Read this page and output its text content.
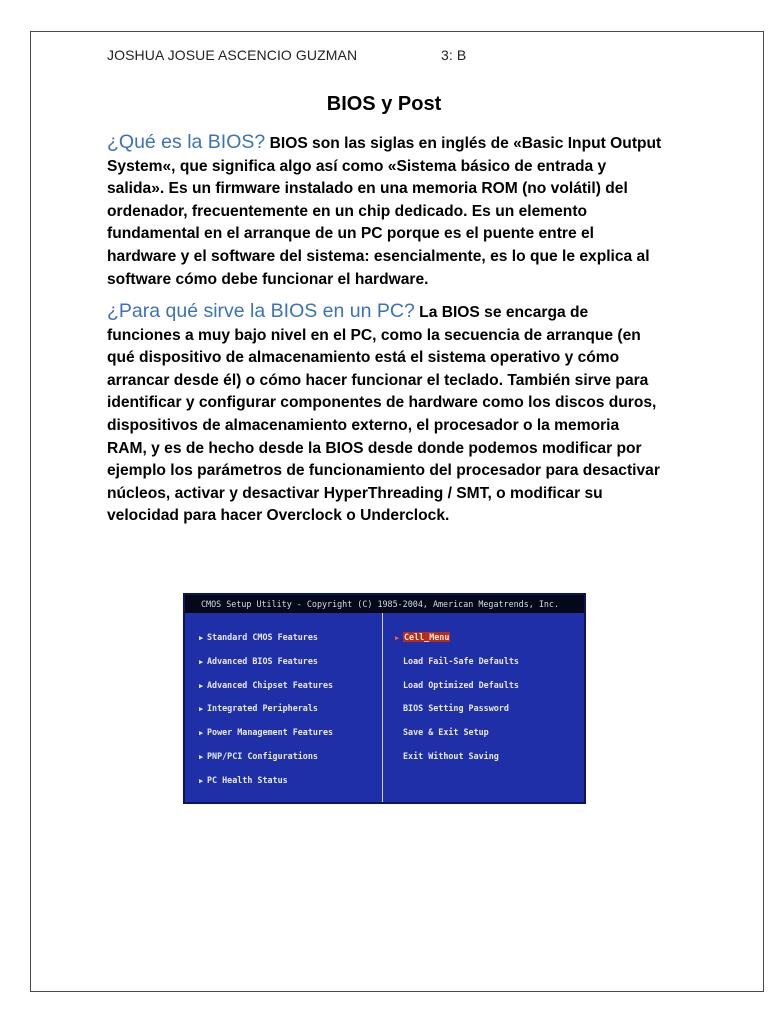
JOSHUA JOSUE ASCENCIO GUZMAN	3: B
BIOS y Post

¿Qué es la BIOS? BIOS son las siglas en inglés de «Basic Input Output System«, que significa algo así como «Sistema básico de entrada y salida». Es un firmware instalado en una memoria ROM (no volátil) del ordenador, frecuentemente en un chip dedicado. Es un elemento fundamental en el arranque de un PC porque es el puente entre el hardware y el software del sistema: esencialmente, es lo que le explica al software cómo debe funcionar el hardware.

¿Para qué sirve la BIOS en un PC? La BIOS se encarga de funciones a muy bajo nivel en el PC, como la secuencia de arranque (en qué dispositivo de almacenamiento está el sistema operativo y cómo arrancar desde él) o cómo hacer funcionar el teclado. También sirve para identificar y configurar componentes de hardware como los discos duros, dispositivos de almacenamiento externo, el procesador o la memoria RAM, y es de hecho desde la BIOS desde donde podemos modificar por ejemplo los parámetros de funcionamiento del procesador para desactivar núcleos, activar y desactivar HyperThreading / SMT, o modificar su velocidad para hacer Overclock o Underclock.

CMOS Setup Utility - Copyright (C) 1985-2004, American Megatrends, Inc.
▶ Standard CMOS Features
▶ Advanced BIOS Features
▶ Advanced Chipset Features
▶ Integrated Peripherals
▶ Power Management Features
▶ PNP/PCI Configurations
▶ PC Health Status
▶ Cell_Menu
Load Fail-Safe Defaults
Load Optimized Defaults
BIOS Setting Password
Save & Exit Setup
Exit Without Saving
